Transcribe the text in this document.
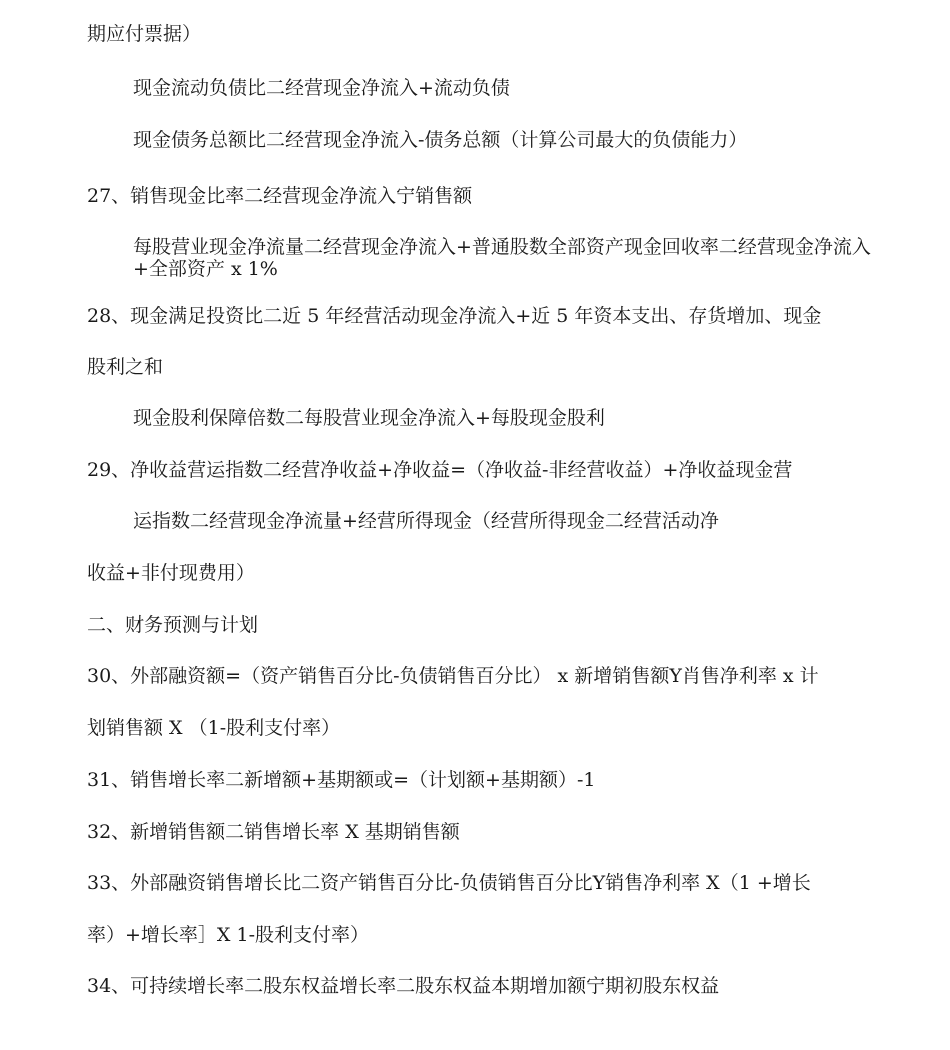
期应付票据）
现金流动负债比二经营现金净流入+流动负债
现金债务总额比二经营现金净流入-债务总额（计算公司最大的负债能力）
27、销售现金比率二经营现金净流入宁销售额
每股营业现金净流量二经营现金净流入+普通股数全部资产现金回收率二经营现金净流入+全部资产 x 1%
28、现金满足投资比二近 5 年经营活动现金净流入+近 5 年资本支出、存货增加、现金
股利之和
现金股利保障倍数二每股营业现金净流入+每股现金股利
29、净收益营运指数二经营净收益+净收益=（净收益-非经营收益）+净收益现金营
运指数二经营现金净流量+经营所得现金（经营所得现金二经营活动净
收益+非付现费用）
二、财务预测与计划
30、外部融资额=（资产销售百分比-负债销售百分比） x 新增销售额Y肖售净利率 x 计
划销售额 X （1-股利支付率）
31、销售增长率二新增额+基期额或=（计划额+基期额）-1
32、新增销售额二销售增长率 X 基期销售额
33、外部融资销售增长比二资产销售百分比-负债销售百分比Y销售净利率 X（1 +增长
率）+增长率］X 1-股利支付率）
34、可持续增长率二股东权益增长率二股东权益本期增加额宁期初股东权益
